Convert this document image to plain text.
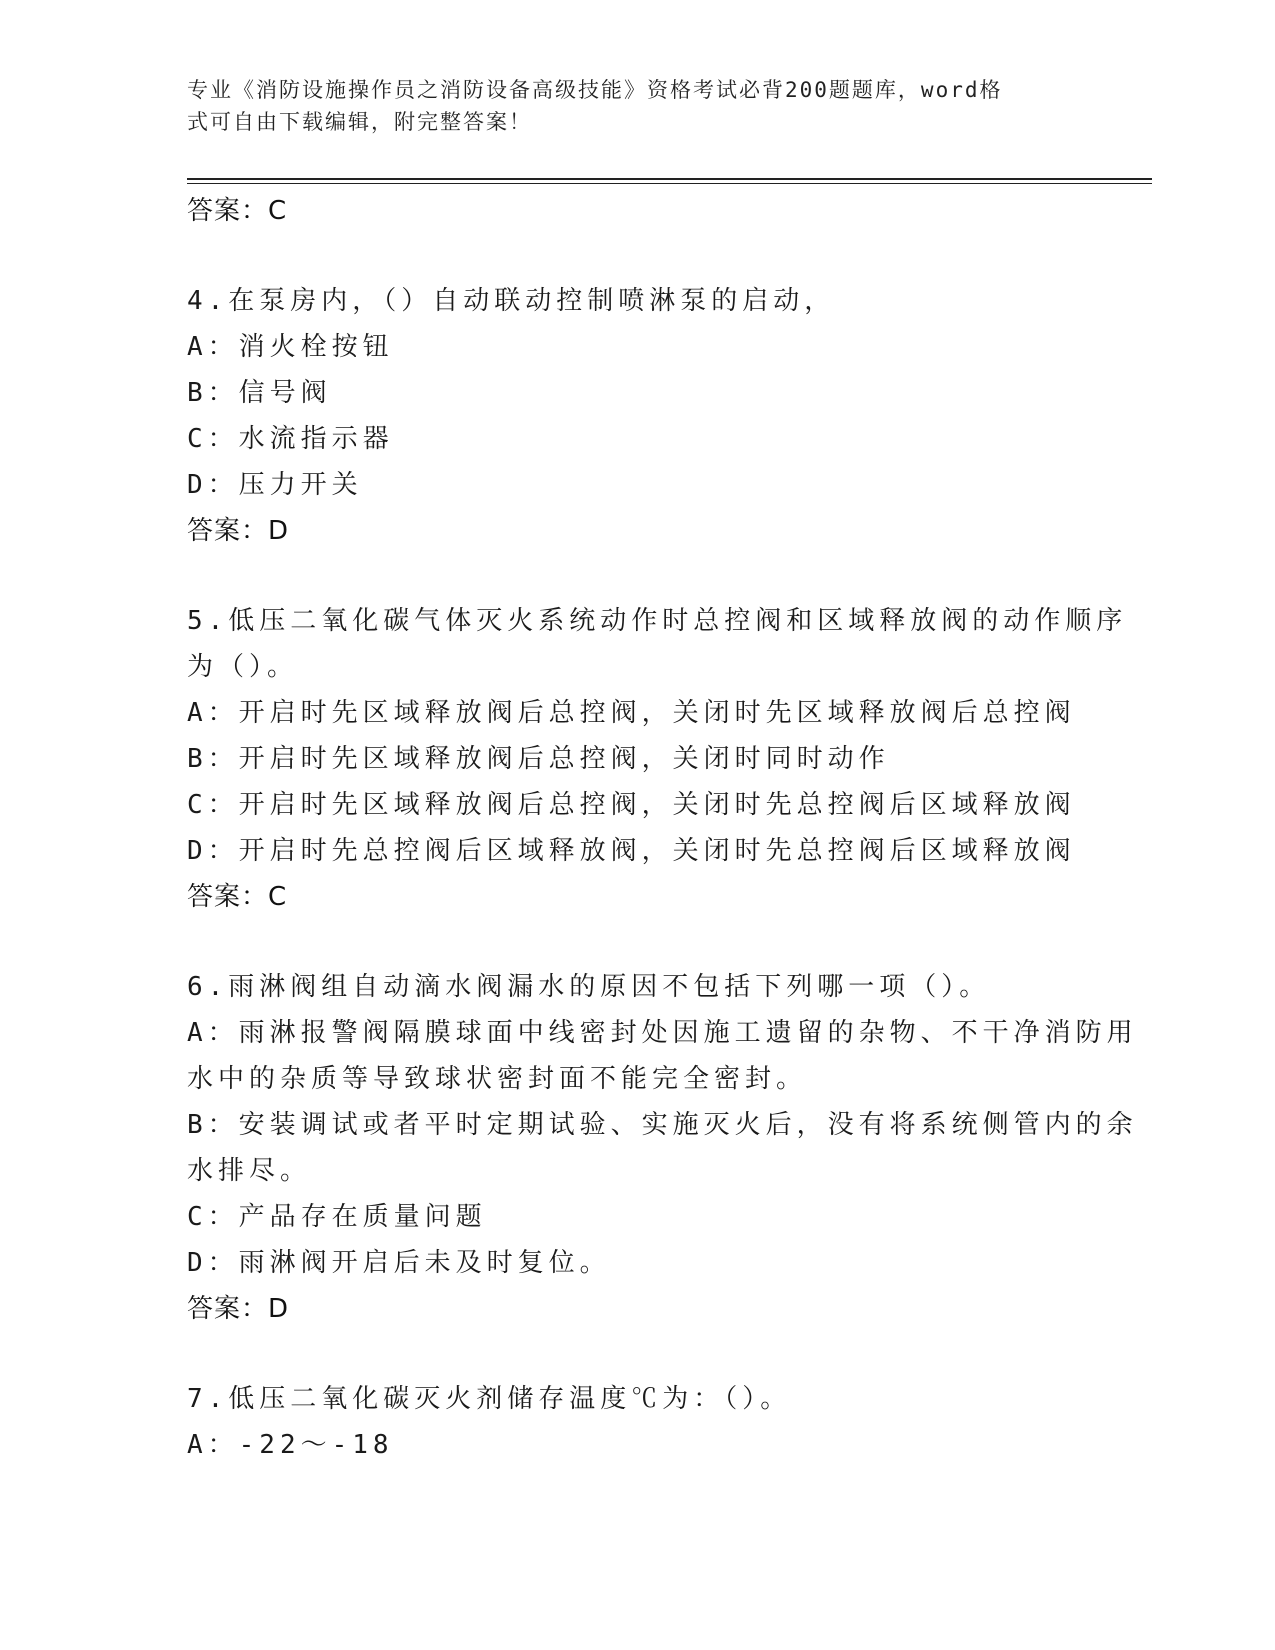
专业《消防设施操作员之消防设备高级技能》资格考试必背200题题库，word格
式可自由下载编辑，附完整答案！
答案：C
4.在泵房内，（）自动联动控制喷淋泵的启动，
A：消火栓按钮
B：信号阀
C：水流指示器
D：压力开关
答案：D
5.低压二氧化碳气体灭火系统动作时总控阀和区域释放阀的动作顺序
为（）。
A：开启时先区域释放阀后总控阀，关闭时先区域释放阀后总控阀
B：开启时先区域释放阀后总控阀，关闭时同时动作
C：开启时先区域释放阀后总控阀，关闭时先总控阀后区域释放阀
D：开启时先总控阀后区域释放阀，关闭时先总控阀后区域释放阀
答案：C
6.雨淋阀组自动滴水阀漏水的原因不包括下列哪一项（）。
A：雨淋报警阀隔膜球面中线密封处因施工遗留的杂物、不干净消防用
水中的杂质等导致球状密封面不能完全密封。
B：安装调试或者平时定期试验、实施灭火后，没有将系统侧管内的余
水排尽。
C：产品存在质量问题
D：雨淋阀开启后未及时复位。
答案：D
7.低压二氧化碳灭火剂储存温度℃为：（）。
A：-22～-18
